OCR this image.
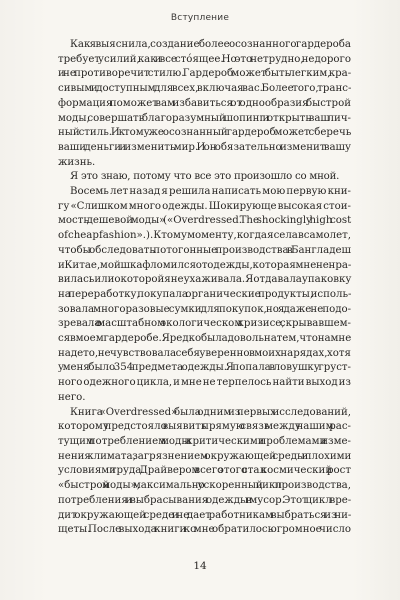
Вступление

Как я выяснила, создание более осознанного гардероба
требует усилий, как и все стóящее. Но это нетрудно, недорого
и не противоречит стилю. Гардероб может быть легким, кра-
сивым и доступным для всех, включая вас. Более того, транс-
формация поможет вам избавиться от однообразия быстрой
моды, совершать благоразумный шопинг и открыть ваш лич-
ный стиль. И к тому же осознанный гардероб может сберечь
ваши деньги и изменить мир. И он обязательно изменит вашу
жизнь.

Я это знаю, потому что все это произошло со мной.

Восемь лет назад я решила написать мою первую кни-
гу «Слишком много одежды. Шокирующе высокая стои-
мость дешевой моды» («Overdressed. The shockingly high cost
of cheap fashion».). К тому моменту, когда я села в самолет,
чтобы обследовать потогонные производства в Бангладеш
и Китае, мой шкаф ломился от одежды, которая мне не нра-
вилась или о которой я не ухаживала. Я отдавала упаковку
на переработку, покупала органические продукты, исполь-
зовала многоразовые сумки для покупок, но я даже не подо-
зревала о масштабном экологическом кризисе, скрывавшем-
ся в моем гардеробе. Я редко была довольна тем, что на мне
надето, не чувствовала себя уверенно в моих нарядах, хотя
у меня было 354 предмета одежды. Я попала в ловушку груст-
ного одежного цикла, и мне не терпелось найти выход из
него.

Книга «Overdressed» была одним из первых исследований,
которому предстояло выявить прямую связь между нашим рас-
тущим потреблением моды и критическими проблемами изме-
нения климата, загрязнением окружающей среды и плохими
условиями труда. Драйвером всего этого стал космический рост
«быстрой моды», максимально ускоренный цикл производства,
потребления и выбрасывания одежды в мусор. Этот цикл вре-
дит окружающей среде и не дает работникам выбраться из ни-
щеты. После выхода книги ко мне обратилось огромное число

14
